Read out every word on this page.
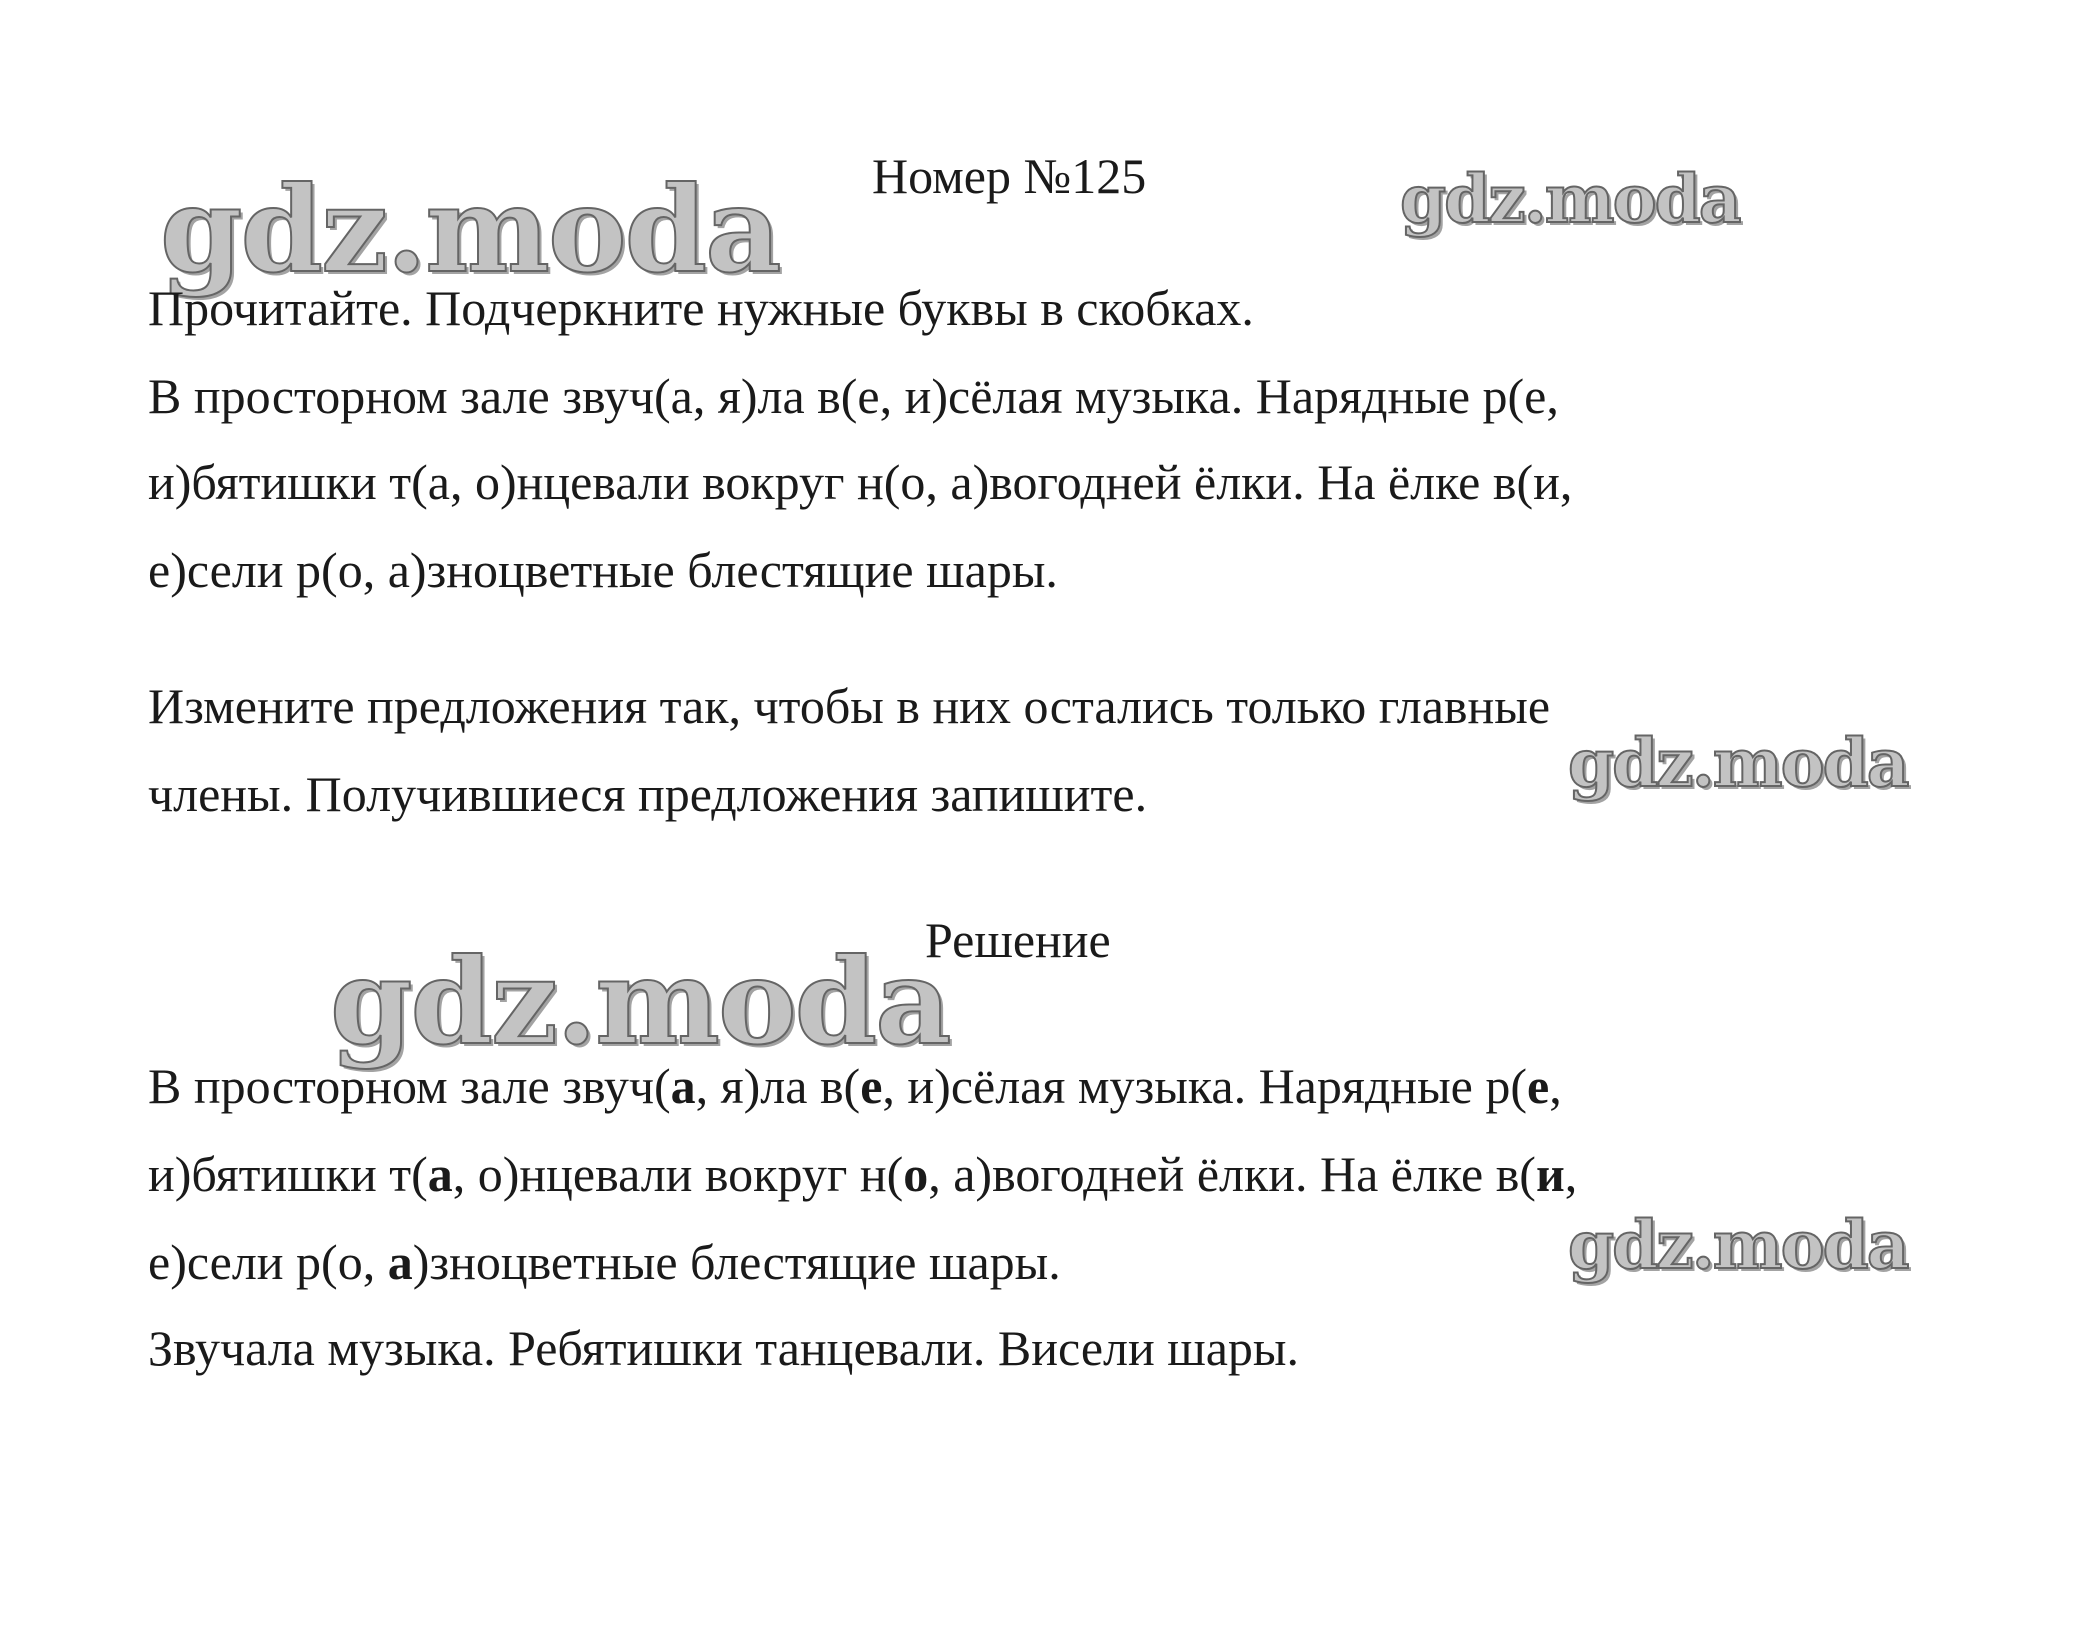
gdz.moda	gdz.moda
gdz.moda
gdz.moda
gdz.moda
Номер №125
Прочитайте. Подчеркните нужные буквы в скобках.
В просторном зале звуч(а, я)ла в(е, и)сёлая музыка. Нарядные р(е,
и)бятишки т(а, о)нцевали вокруг н(о, а)вогодней ёлки. На ёлке в(и,
е)сели р(о, а)зноцветные блестящие шары.
Измените предложения так, чтобы в них остались только главные
члены. Получившиеся предложения запишите.
Решение
В просторном зале звуч(а, я)ла в(е, и)сёлая музыка. Нарядные р(е,
и)бятишки т(а, о)нцевали вокруг н(о, а)вогодней ёлки. На ёлке в(и,
е)сели р(о, а)зноцветные блестящие шары.
Звучала музыка. Ребятишки танцевали. Висели шары.
